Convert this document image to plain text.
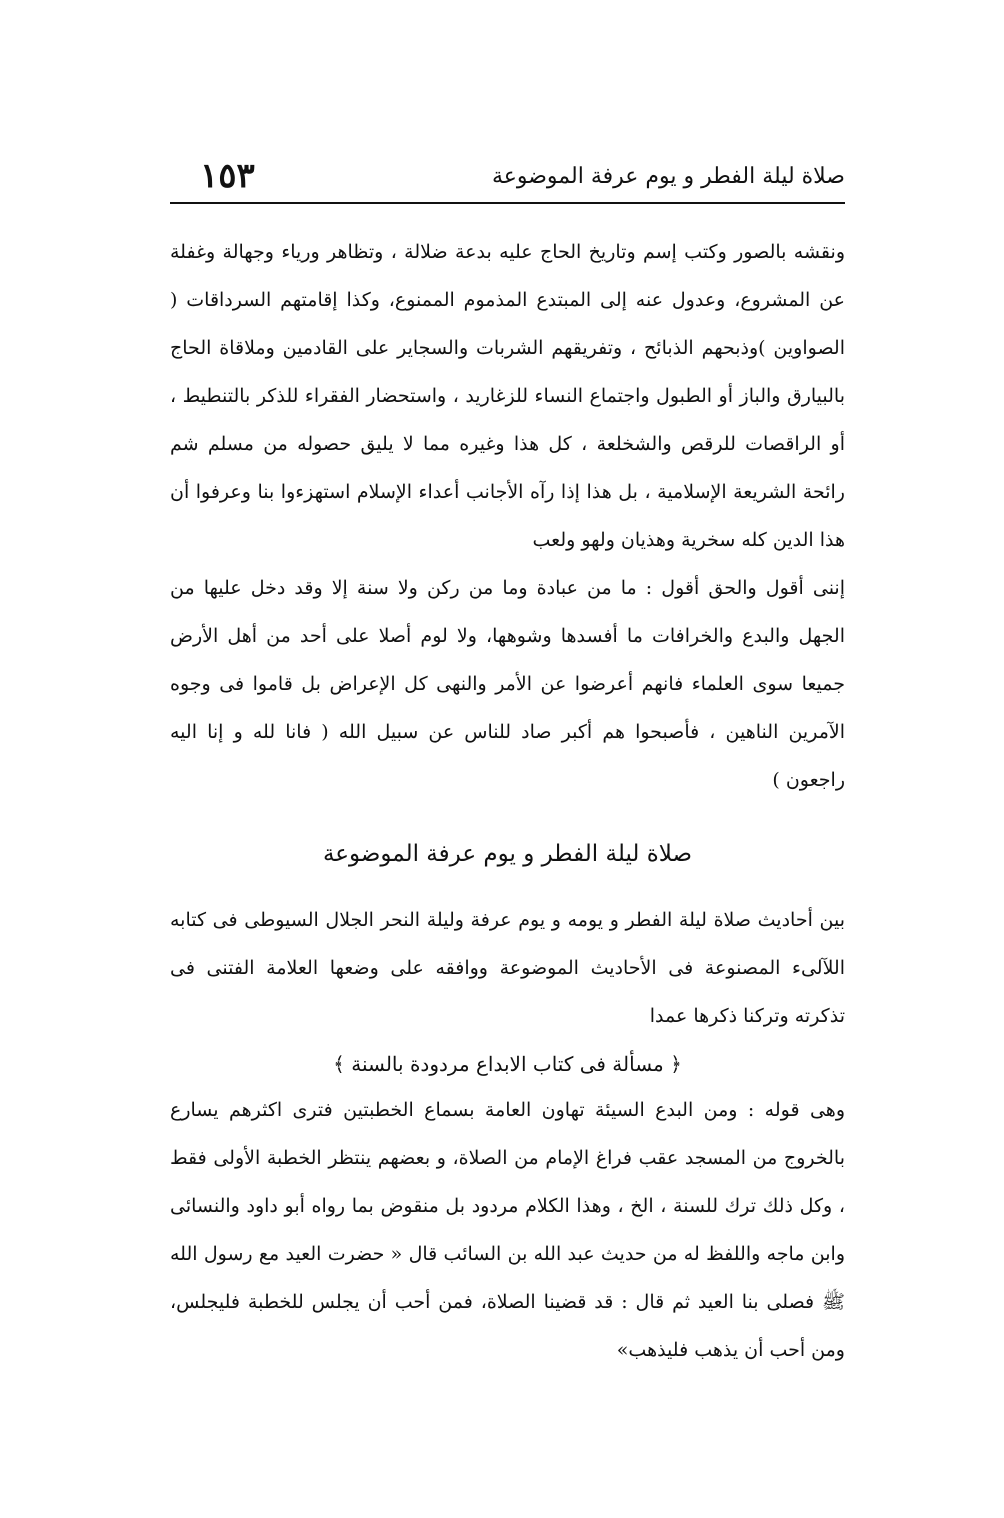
صلاة ليلة الفطر و يوم عرفة الموضوعة
١٥٣

ونقشه بالصور وكتب إسم وتاريخ الحاج عليه بدعة ضلالة ، وتظاهر ورياء وجهالة وغفلة عن المشروع، وعدول عنه إلى المبتدع المذموم الممنوع، وكذا إقامتهم السرداقات ( الصواوين )وذبحهم الذبائح ، وتفريقهم الشربات والسجاير على القادمين وملاقاة الحاج بالبيارق والباز أو الطبول واجتماع النساء للزغاريد ، واستحضار الفقراء للذكر بالتنطيط ، أو الراقصات للرقص والشخلعة ، كل هذا وغيره مما لا يليق حصوله من مسلم شم رائحة الشريعة الإسلامية ، بل هذا إذا رآه الأجانب أعداء الإسلام استهزءوا بنا وعرفوا أن هذا الدين كله سخرية وهذيان ولهو ولعب

إننى أقول والحق أقول : ما من عبادة وما من ركن ولا سنة إلا وقد دخل عليها من الجهل والبدع والخرافات ما أفسدها وشوهها، ولا لوم أصلا على أحد من أهل الأرض جميعا سوى العلماء فانهم أعرضوا عن الأمر والنهى كل الإعراض بل قاموا فى وجوه الآمرين الناهين ، فأصبحوا هم أكبر صاد للناس عن سبيل الله ( فانا لله و إنا اليه راجعون )

صلاة ليلة الفطر و يوم عرفة الموضوعة

بين أحاديث صلاة ليلة الفطر و يومه و يوم عرفة وليلة النحر الجلال السيوطى فى كتابه اللآلىء المصنوعة فى الأحاديث الموضوعة ووافقه على وضعها العلامة الفتنى فى تذكرته وتركنا ذكرها عمدا

﴿ مسألة فى كتاب الابداع مردودة بالسنة ﴾

وهى قوله : ومن البدع السيئة تهاون العامة بسماع الخطبتين فترى اكثرهم يسارع بالخروج من المسجد عقب فراغ الإمام من الصلاة، و بعضهم ينتظر الخطبة الأولى فقط ، وكل ذلك ترك للسنة ، الخ ، وهذا الكلام مردود بل منقوض بما رواه أبو داود والنسائى وابن ماجه واللفظ له من حديث عبد الله بن السائب قال « حضرت العيد مع رسول الله ﷺ فصلى بنا العيد ثم قال : قد قضينا الصلاة، فمن أحب أن يجلس للخطبة فليجلس، ومن أحب أن يذهب فليذهب»
